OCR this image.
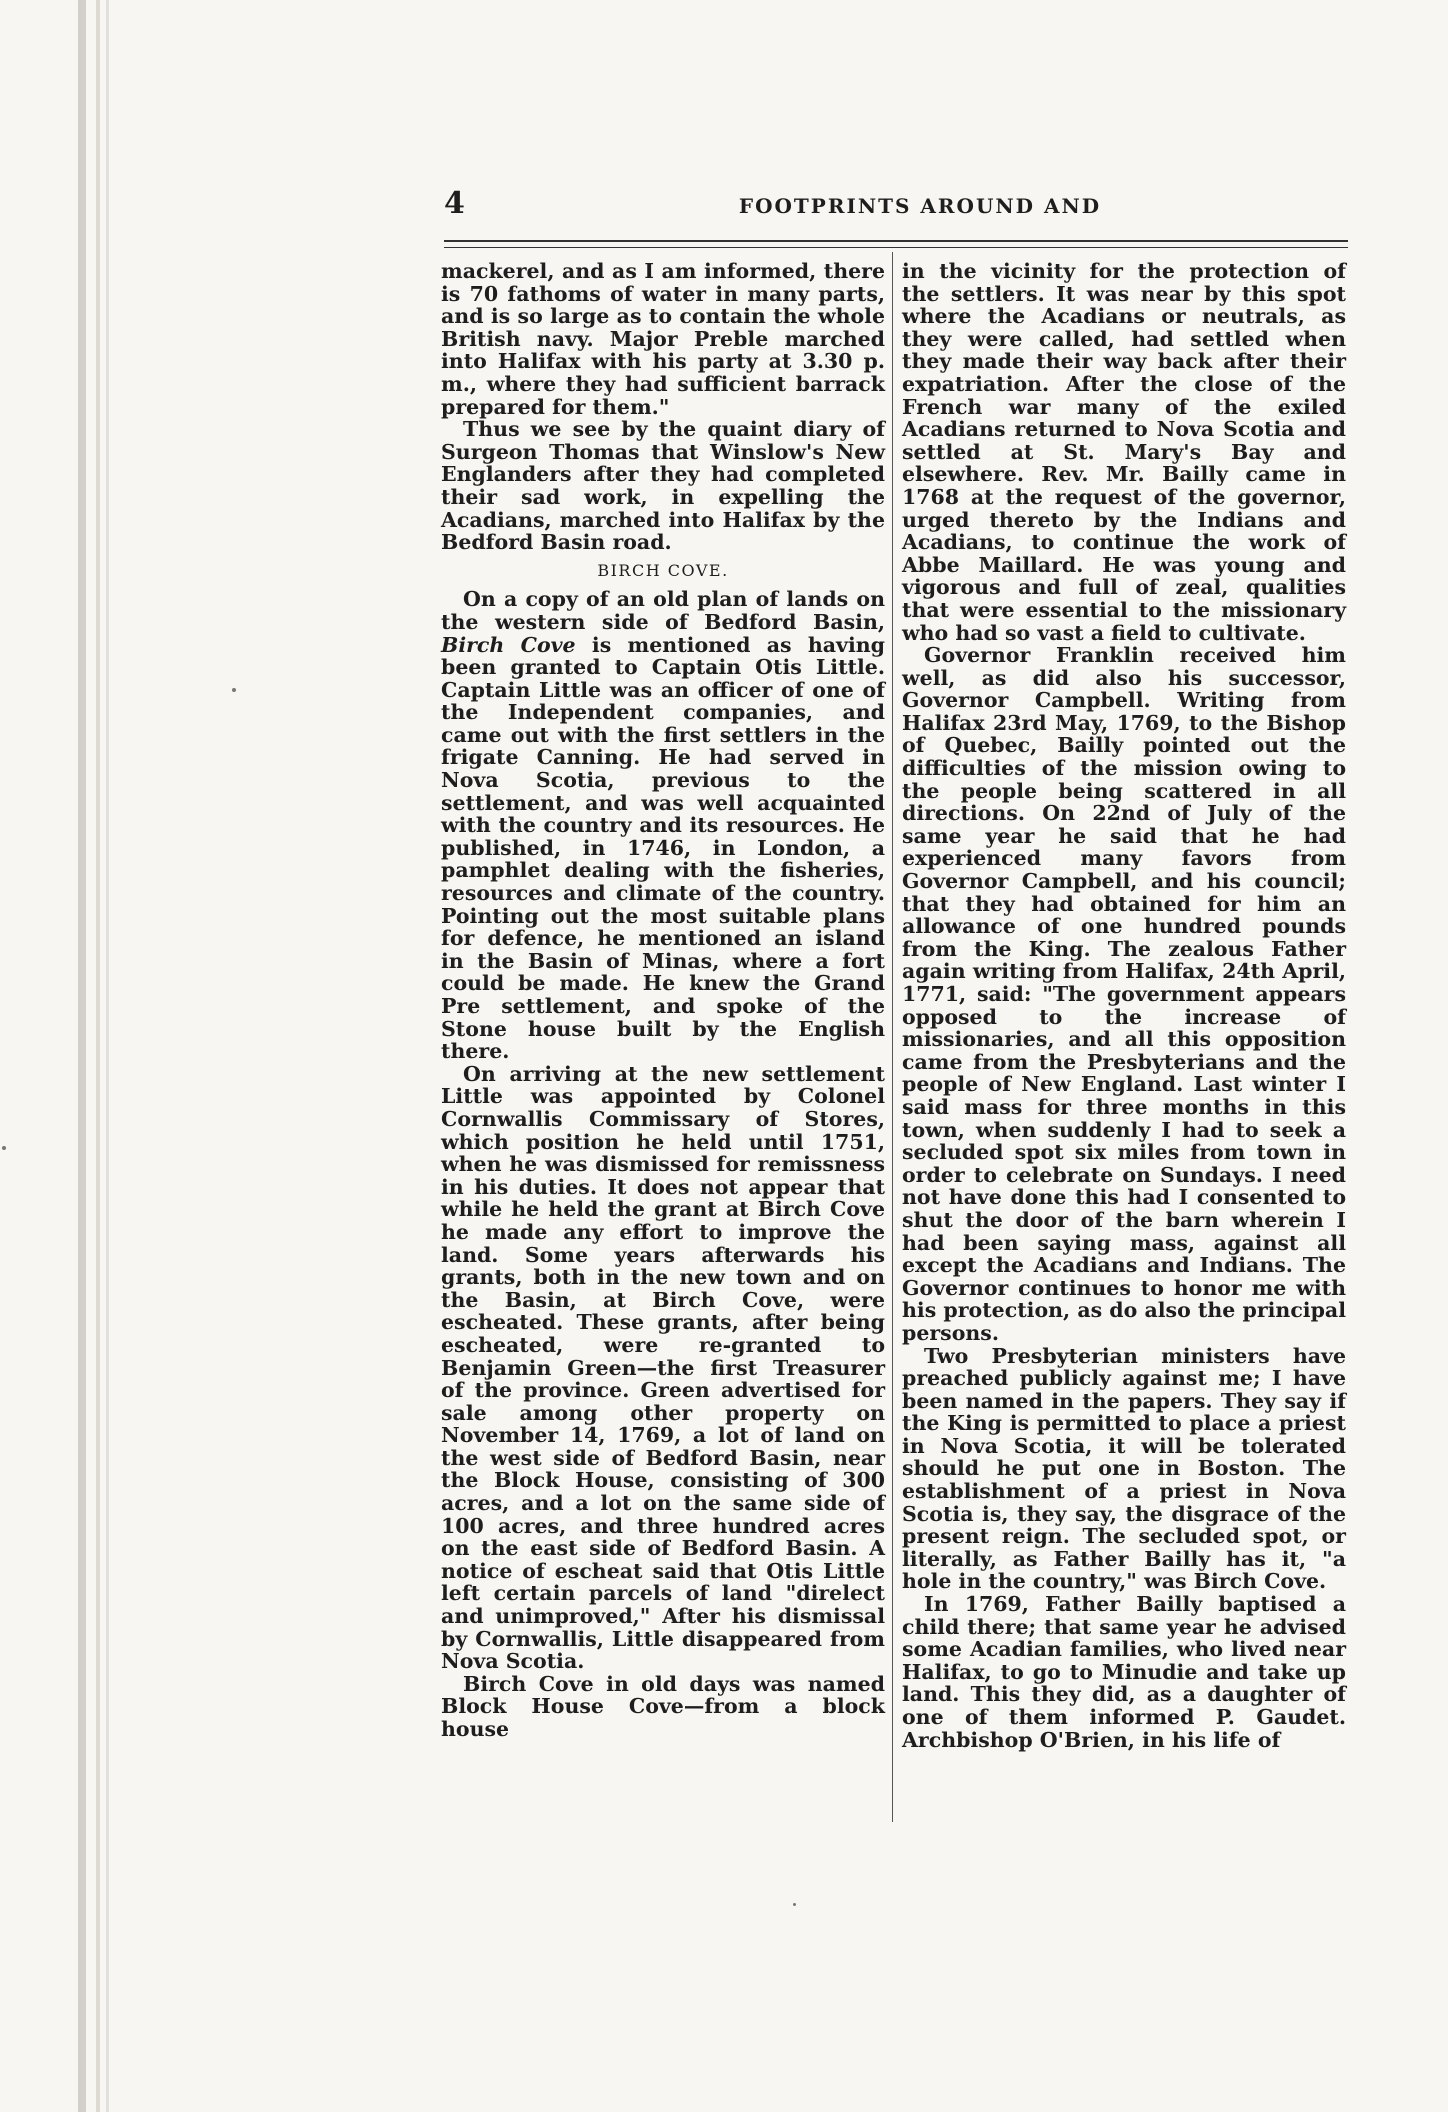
4	FOOTPRINTS AROUND AND

mackerel, and as I am informed, there is 70 fathoms of water in many parts, and is so large as to contain the whole British navy. Major Preble marched into Halifax with his party at 3.30 p. m., where they had sufficient barrack prepared for them."

Thus we see by the quaint diary of Surgeon Thomas that Winslow's New Englanders after they had completed their sad work, in expelling the Acadians, marched into Halifax by the Bedford Basin road.

BIRCH COVE.

On a copy of an old plan of lands on the western side of Bedford Basin, Birch Cove is mentioned as having been granted to Captain Otis Little. Captain Little was an officer of one of the Independent companies, and came out with the first settlers in the frigate Canning. He had served in Nova Scotia, previous to the settlement, and was well acquainted with the country and its resources. He published, in 1746, in London, a pamphlet dealing with the fisheries, resources and climate of the country. Pointing out the most suitable plans for defence, he mentioned an island in the Basin of Minas, where a fort could be made. He knew the Grand Pre settlement, and spoke of the Stone house built by the English there.

On arriving at the new settlement Little was appointed by Colonel Cornwallis Commissary of Stores, which position he held until 1751, when he was dismissed for remissness in his duties. It does not appear that while he held the grant at Birch Cove he made any effort to improve the land. Some years afterwards his grants, both in the new town and on the Basin, at Birch Cove, were escheated. These grants, after being escheated, were re-granted to Benjamin Green—the first Treasurer of the province. Green advertised for sale among other property on November 14, 1769, a lot of land on the west side of Bedford Basin, near the Block House, consisting of 300 acres, and a lot on the same side of 100 acres, and three hundred acres on the east side of Bedford Basin. A notice of escheat said that Otis Little left certain parcels of land "direlect and unimproved," After his dismissal by Cornwallis, Little disappeared from Nova Scotia.

Birch Cove in old days was named Block House Cove—from a block house

in the vicinity for the protection of the settlers. It was near by this spot where the Acadians or neutrals, as they were called, had settled when they made their way back after their expatriation. After the close of the French war many of the exiled Acadians returned to Nova Scotia and settled at St. Mary's Bay and elsewhere. Rev. Mr. Bailly came in 1768 at the request of the governor, urged thereto by the Indians and Acadians, to continue the work of Abbe Maillard. He was young and vigorous and full of zeal, qualities that were essential to the missionary who had so vast a field to cultivate.

Governor Franklin received him well, as did also his successor, Governor Campbell. Writing from Halifax 23rd May, 1769, to the Bishop of Quebec, Bailly pointed out the difficulties of the mission owing to the people being scattered in all directions. On 22nd of July of the same year he said that he had experienced many favors from Governor Campbell, and his council; that they had obtained for him an allowance of one hundred pounds from the King. The zealous Father again writing from Halifax, 24th April, 1771, said: "The government appears opposed to the increase of missionaries, and all this opposition came from the Presbyterians and the people of New England. Last winter I said mass for three months in this town, when suddenly I had to seek a secluded spot six miles from town in order to celebrate on Sundays. I need not have done this had I consented to shut the door of the barn wherein I had been saying mass, against all except the Acadians and Indians. The Governor continues to honor me with his protection, as do also the principal persons.

Two Presbyterian ministers have preached publicly against me; I have been named in the papers. They say if the King is permitted to place a priest in Nova Scotia, it will be tolerated should he put one in Boston. The establishment of a priest in Nova Scotia is, they say, the disgrace of the present reign. The secluded spot, or literally, as Father Bailly has it, "a hole in the country," was Birch Cove.

In 1769, Father Bailly baptised a child there; that same year he advised some Acadian families, who lived near Halifax, to go to Minudie and take up land. This they did, as a daughter of one of them informed P. Gaudet. Archbishop O'Brien, in his life of
